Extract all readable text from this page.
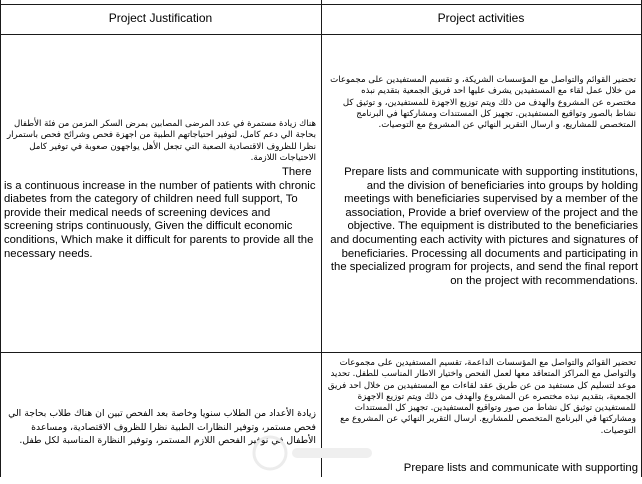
Project Justification	Project activities
هناك زيادة مستمرة في عدد المرضى المصابين بمرض السكر المزمن من فئة الأطفال بحاجة الي دعم كامل، لتوفير احتياجاتهم الطبية من اجهزة فحص وشرائح فحص باستمرار نظرا للظروف الاقتصادية الصعبة التي تجعل الأهل يواجهون صعوبة في توفير كامل الاحتياجات اللازمة.
There is a continuous increase in the number of patients with chronic diabetes from the category of children need full support, To provide their medical needs of screening devices and screening strips continuously, Given the difficult economic conditions, Which make it difficult for parents to provide all the necessary needs.
تحضير القوائم والتواصل مع المؤسسات الشريكة، و تقسيم المستفيدين على مجموعات من خلال عمل لقاء مع المستفيدين يشرف عليها احد فريق الجمعية بتقديم نبذه مختصره عن المشروع والهدف من ذلك ويتم توزيع الاجهزة للمستفيدين، و توثيق كل نشاط بالصور وتواقيع المستفيدين. تجهيز كل المستندات ومشاركتها في البرنامج المتخصص للمشاريع، و ارسال التقرير النهائي عن المشروع مع التوصيات.
Prepare lists and communicate with supporting institutions, and the division of beneficiaries into groups by holding meetings with beneficiaries supervised by a member of the association, Provide a brief overview of the project and the objective. The equipment is distributed to the beneficiaries and documenting each activity with pictures and signatures of beneficiaries. Processing all documents and participating in the specialized program for projects, and send the final report on the project with recommendations.
زيادة الأعداد من الطلاب سنويا وخاصة بعد الفحص تبين ان هناك طلاب بحاجة الي فحص مستمر، وتوفير النظارات الطبية نظرا للظروف الاقتصادية، ومساعدة الأطفال في توفير الفحص اللازم المستمر، وتوفير النظارة المناسبة لكل طفل.
تحضير القوائم والتواصل مع المؤسسات الداعمة، تقسيم المستفيدين على مجموعات والتواصل مع المراكز المتعاقد معها لعمل الفحص واختيار الاطار المناسب للطفل. تحديد موعد لتسليم كل مستفيد من عن طريق عقد لقاءات مع المستفيدين من خلال احد فريق الجمعية، بتقديم نبذه مختصره عن المشروع والهدف من ذلك ويتم توزيع الاجهزة للمستفيدين توثيق كل نشاط من صور وتواقيع المستفيدين. تجهيز كل المستندات ومشاركتها في البرنامج المتخصص للمشاريع. ارسال التقرير النهائي عن المشروع مع التوصيات.
Prepare lists and communicate with supporting
